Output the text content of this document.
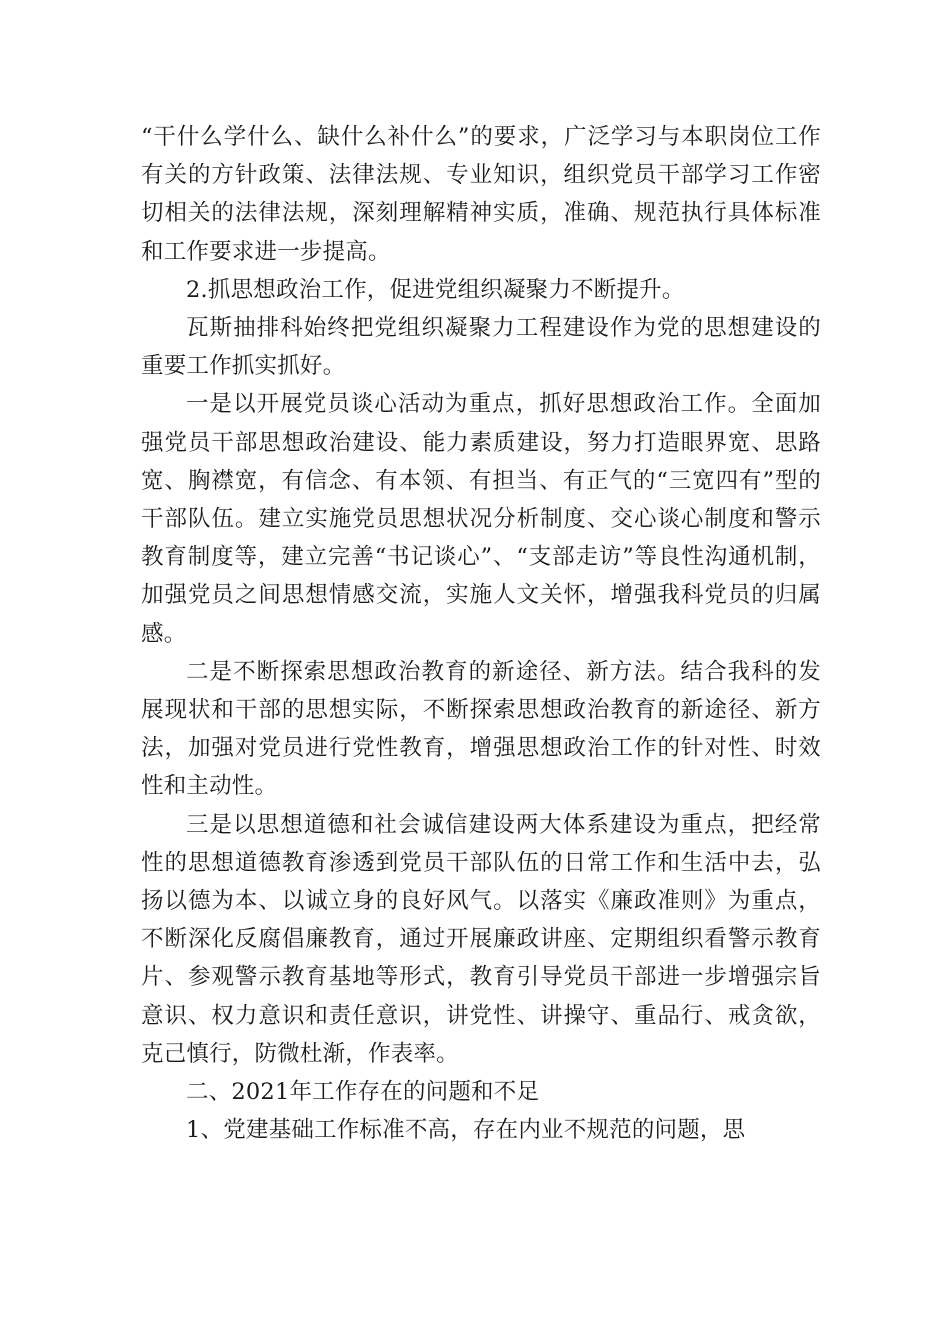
“干什么学什么、缺什么补什么”的要求，广泛学习与本职岗位工作有关的方针政策、法律法规、专业知识，组织党员干部学习工作密切相关的法律法规，深刻理解精神实质，准确、规范执行具体标准和工作要求进一步提高。

2.抓思想政治工作，促进党组织凝聚力不断提升。

瓦斯抽排科始终把党组织凝聚力工程建设作为党的思想建设的重要工作抓实抓好。

一是以开展党员谈心活动为重点，抓好思想政治工作。全面加强党员干部思想政治建设、能力素质建设，努力打造眼界宽、思路宽、胸襟宽，有信念、有本领、有担当、有正气的“三宽四有”型的干部队伍。建立实施党员思想状况分析制度、交心谈心制度和警示教育制度等，建立完善“书记谈心”、“支部走访”等良性沟通机制，加强党员之间思想情感交流，实施人文关怀，增强我科党员的归属感。

二是不断探索思想政治教育的新途径、新方法。结合我科的发展现状和干部的思想实际，不断探索思想政治教育的新途径、新方法，加强对党员进行党性教育，增强思想政治工作的针对性、时效性和主动性。

三是以思想道德和社会诚信建设两大体系建设为重点，把经常性的思想道德教育渗透到党员干部队伍的日常工作和生活中去，弘扬以德为本、以诚立身的良好风气。以落实《廉政准则》为重点，不断深化反腐倡廉教育，通过开展廉政讲座、定期组织看警示教育片、参观警示教育基地等形式，教育引导党员干部进一步增强宗旨意识、权力意识和责任意识，讲党性、讲操守、重品行、戒贪欲，克己慎行，防微杜渐，作表率。

二、2021年工作存在的问题和不足

1、党建基础工作标准不高，存在内业不规范的问题，思
